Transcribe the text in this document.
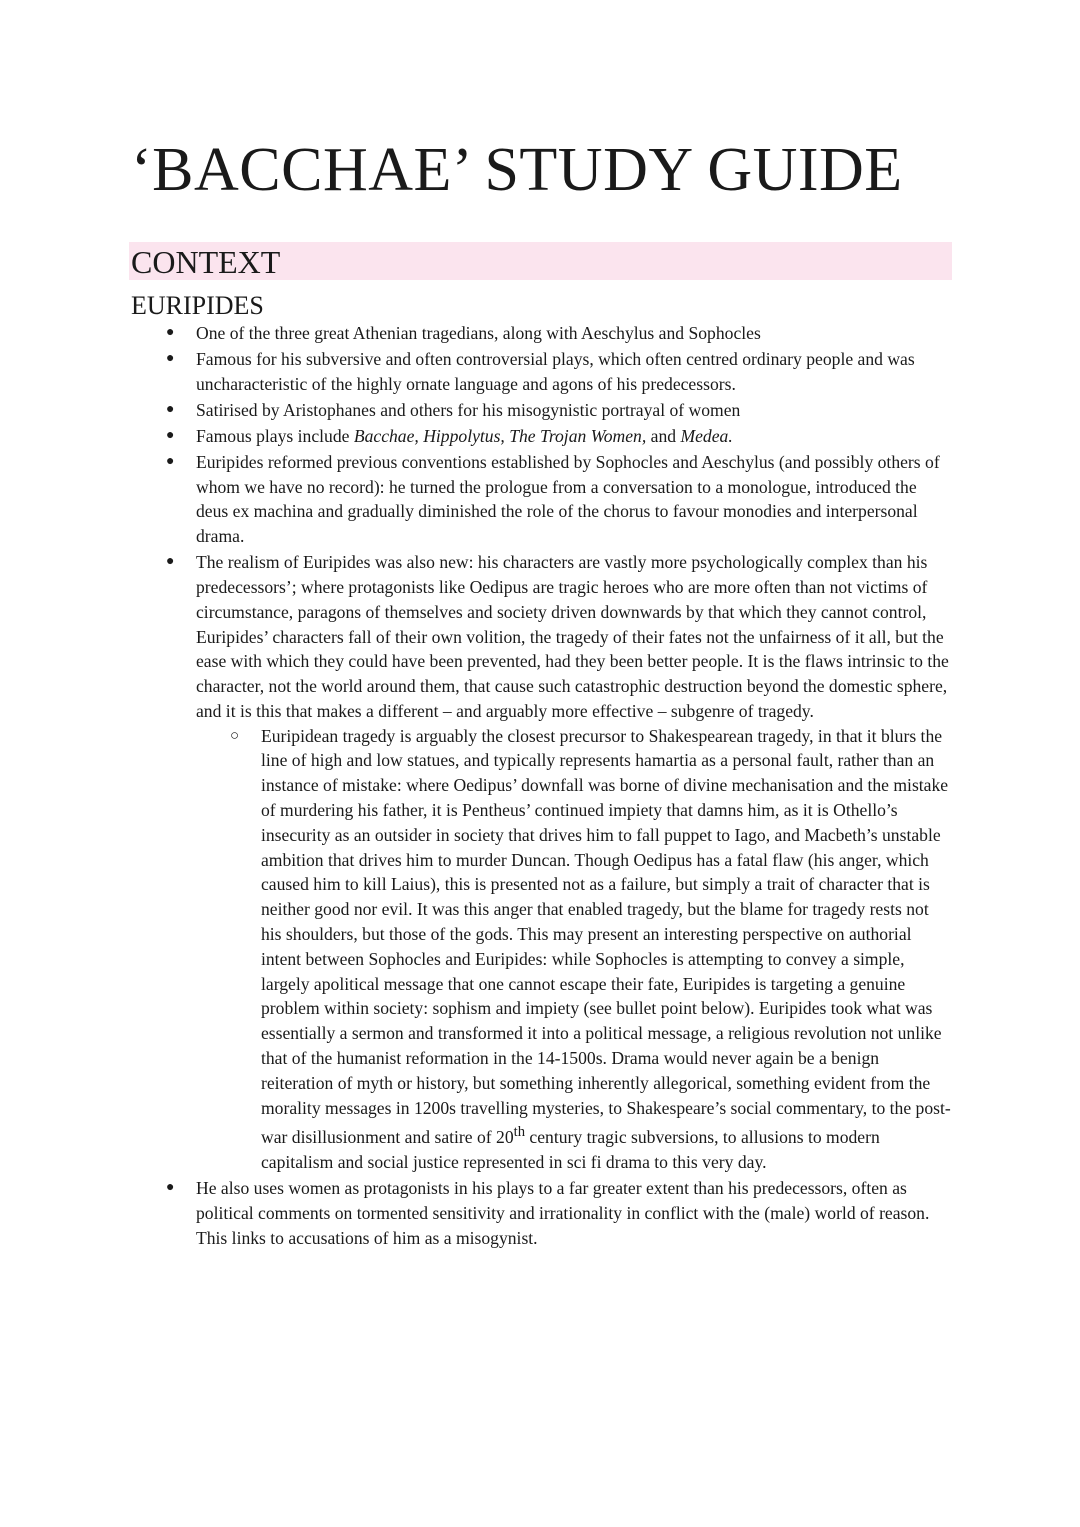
‘BACCHAE’ STUDY GUIDE
CONTEXT
EURIPIDES
● One of the three great Athenian tragedians, along with Aeschylus and Sophocles
● Famous for his subversive and often controversial plays, which often centred ordinary people and was uncharacteristic of the highly ornate language and agons of his predecessors.
● Satirised by Aristophanes and others for his misogynistic portrayal of women
● Famous plays include Bacchae, Hippolytus, The Trojan Women, and Medea.
● Euripides reformed previous conventions established by Sophocles and Aeschylus (and possibly others of whom we have no record): he turned the prologue from a conversation to a monologue, introduced the deus ex machina and gradually diminished the role of the chorus to favour monodies and interpersonal drama.
● The realism of Euripides was also new: his characters are vastly more psychologically complex than his predecessors’; where protagonists like Oedipus are tragic heroes who are more often than not victims of circumstance, paragons of themselves and society driven downwards by that which they cannot control, Euripides’ characters fall of their own volition, the tragedy of their fates not the unfairness of it all, but the ease with which they could have been prevented, had they been better people. It is the flaws intrinsic to the character, not the world around them, that cause such catastrophic destruction beyond the domestic sphere, and it is this that makes a different – and arguably more effective – subgenre of tragedy.
○ Euripidean tragedy is arguably the closest precursor to Shakespearean tragedy, in that it blurs the line of high and low statues, and typically represents hamartia as a personal fault, rather than an instance of mistake: where Oedipus’ downfall was borne of divine mechanisation and the mistake of murdering his father, it is Pentheus’ continued impiety that damns him, as it is Othello’s insecurity as an outsider in society that drives him to fall puppet to Iago, and Macbeth’s unstable ambition that drives him to murder Duncan. Though Oedipus has a fatal flaw (his anger, which caused him to kill Laius), this is presented not as a failure, but simply a trait of character that is neither good nor evil. It was this anger that enabled tragedy, but the blame for tragedy rests not his shoulders, but those of the gods. This may present an interesting perspective on authorial intent between Sophocles and Euripides: while Sophocles is attempting to convey a simple, largely apolitical message that one cannot escape their fate, Euripides is targeting a genuine problem within society: sophism and impiety (see bullet point below). Euripides took what was essentially a sermon and transformed it into a political message, a religious revolution not unlike that of the humanist reformation in the 14-1500s. Drama would never again be a benign reiteration of myth or history, but something inherently allegorical, something evident from the morality messages in 1200s travelling mysteries, to Shakespeare’s social commentary, to the post-war disillusionment and satire of 20th century tragic subversions, to allusions to modern capitalism and social justice represented in sci fi drama to this very day.
● He also uses women as protagonists in his plays to a far greater extent than his predecessors, often as political comments on tormented sensitivity and irrationality in conflict with the (male) world of reason. This links to accusations of him as a misogynist.
